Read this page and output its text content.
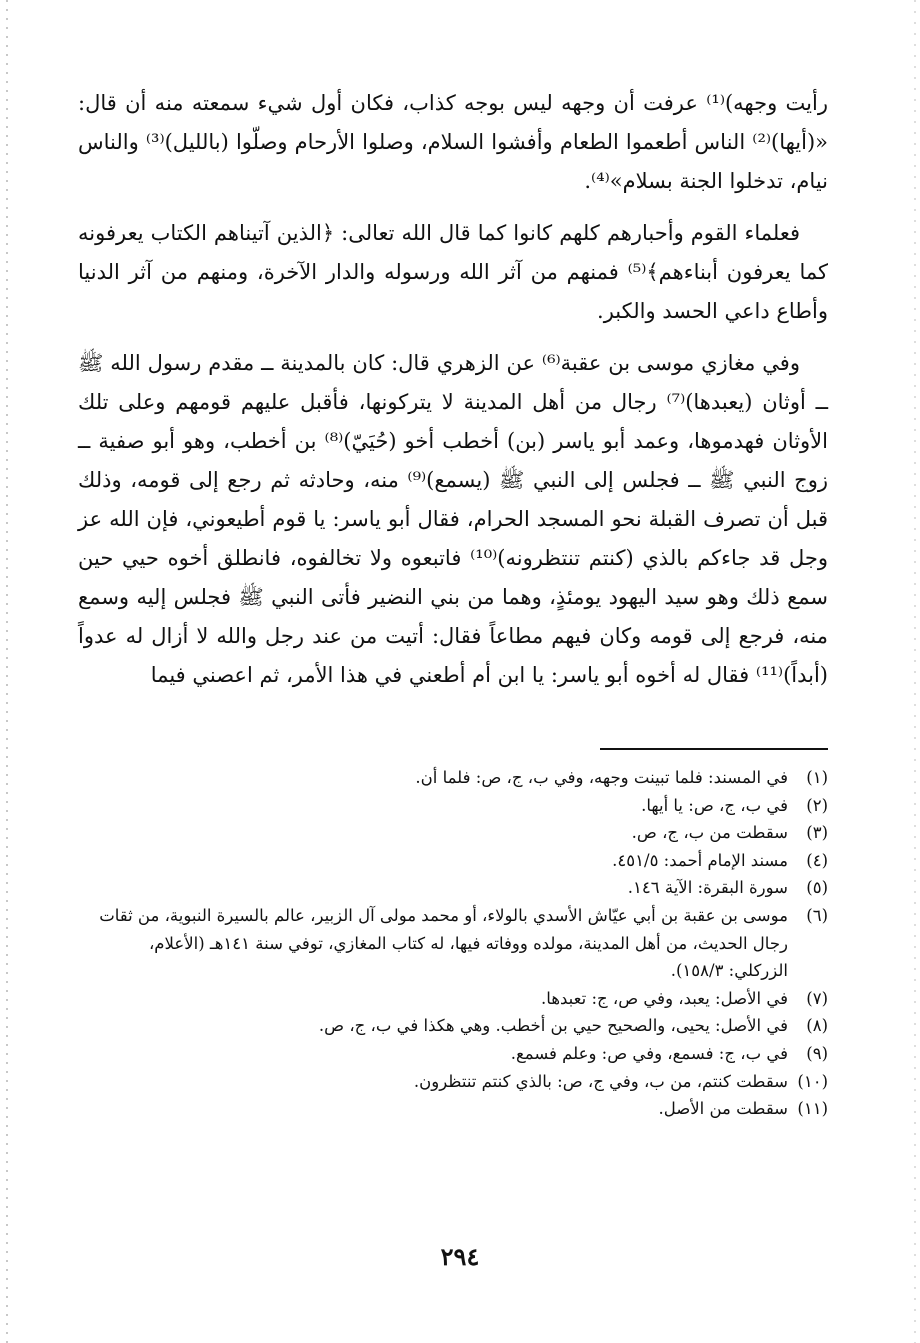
رأيت وجهه)⁽¹⁾ عرفت أن وجهه ليس بوجه كذاب، فكان أول شيء سمعته منه أن قال: «(أيها)⁽²⁾ الناس أطعموا الطعام وأفشوا السلام، وصلوا الأرحام وصلّوا (بالليل)⁽³⁾ والناس نيام، تدخلوا الجنة بسلام»⁽⁴⁾.

فعلماء القوم وأحبارهم كلهم كانوا كما قال الله تعالى: ﴿الذين آتيناهم الكتاب يعرفونه كما يعرفون أبناءهم﴾⁽⁵⁾ فمنهم من آثر الله ورسوله والدار الآخرة، ومنهم من آثر الدنيا وأطاع داعي الحسد والكبر.

وفي مغازي موسى بن عقبة⁽⁶⁾ عن الزهري قال: كان بالمدينة ــ مقدم رسول الله ﷺ ــ أوثان (يعبدها)⁽⁷⁾ رجال من أهل المدينة لا يتركونها، فأقبل عليهم قومهم وعلى تلك الأوثان فهدموها، وعمد أبو ياسر (بن) أخطب أخو (حُيَيّ)⁽⁸⁾ بن أخطب، وهو أبو صفية ــ زوج النبي ﷺ ــ فجلس إلى النبي ﷺ (يسمع)⁽⁹⁾ منه، وحادثه ثم رجع إلى قومه، وذلك قبل أن تصرف القبلة نحو المسجد الحرام، فقال أبو ياسر: يا قوم أطيعوني، فإن الله عز وجل قد جاءكم بالذي (كنتم تنتظرونه)⁽¹⁰⁾ فاتبعوه ولا تخالفوه، فانطلق أخوه حيي حين سمع ذلك وهو سيد اليهود يومئذٍ، وهما من بني النضير فأتى النبي ﷺ فجلس إليه وسمع منه، فرجع إلى قومه وكان فيهم مطاعاً فقال: أتيت من عند رجل والله لا أزال له عدواً (أبداً)⁽¹¹⁾ فقال له أخوه أبو ياسر: يا ابن أم أطعني في هذا الأمر، ثم اعصني فيما

(١)
في المسند: فلما تبينت وجهه، وفي ب، ج، ص: فلما أن.
(٢)
في ب، ج، ص: يا أيها.
(٣)
سقطت من ب، ج، ص.
(٤)
مسند الإمام أحمد: ٤٥١/٥.
(٥)
سورة البقرة: الآية ١٤٦.
(٦)
موسى بن عقبة بن أبي عيّاش الأسدي بالولاء، أو محمد مولى آل الزبير، عالم بالسيرة النبوية، من ثقات رجال الحديث، من أهل المدينة، مولده ووفاته فيها، له كتاب المغازي، توفي سنة ١٤١هـ (الأعلام، الزركلي: ١٥٨/٣).
(٧)
في الأصل: يعبد، وفي ص، ج: تعبدها.
(٨)
في الأصل: يحيى، والصحيح حيي بن أخطب. وهي هكذا في ب، ج، ص.
(٩)
في ب، ج: فسمع، وفي ص: وعلم فسمع.
(١٠)
سقطت كنتم، من ب، وفي ج، ص: بالذي كنتم تنتظرون.
(١١)
سقطت من الأصل.
٢٩٤
